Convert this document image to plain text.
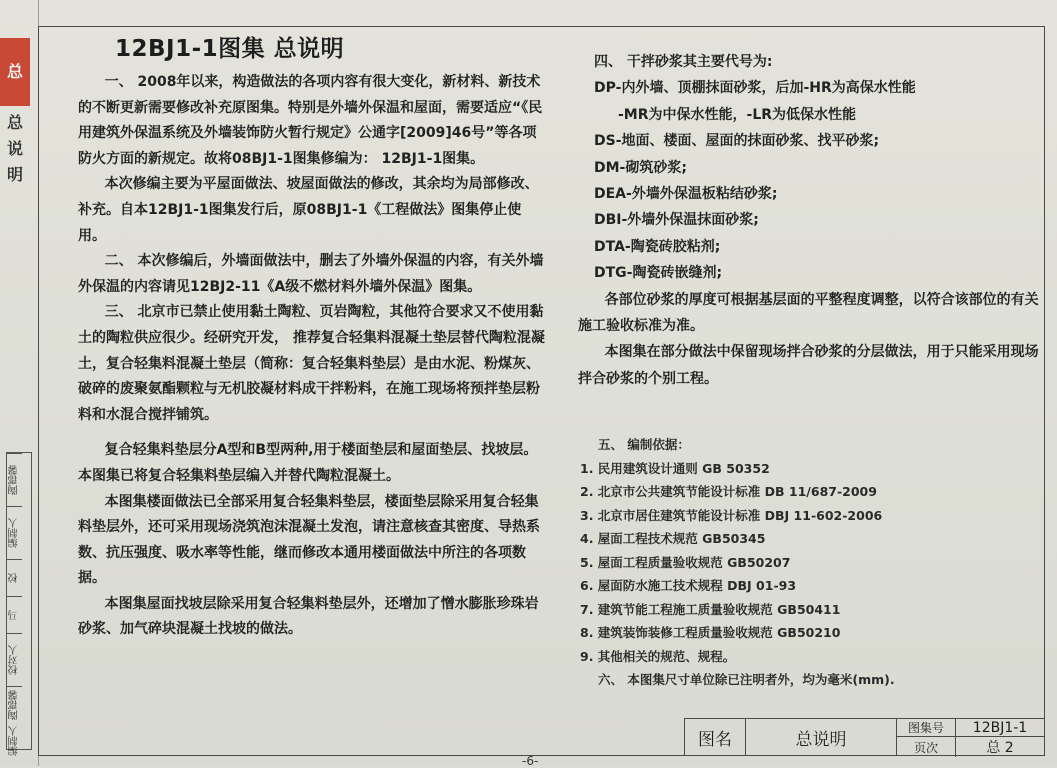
总
总
说
明
陶郡馨
编制人
校
马
校对人
陶郡馨
编制人
12BJ1-1图集 总说明

一、 2008年以来，构造做法的各项内容有很大变化，新材料、新技术的不断更新需要修改补充原图集。特别是外墙外保温和屋面，需要适应“《民用建筑外保温系统及外墙装饰防火暂行规定》公通字[2009]46号”等各项防火方面的新规定。故将08BJ1-1图集修编为： 12BJ1-1图集。

本次修编主要为平屋面做法、坡屋面做法的修改，其余均为局部修改、补充。自本12BJ1-1图集发行后，原08BJ1-1《工程做法》图集停止使用。

二、 本次修编后，外墙面做法中，删去了外墙外保温的内容，有关外墙外保温的内容请见12BJ2-11《A级不燃材料外墙外保温》图集。

三、 北京市已禁止使用黏土陶粒、页岩陶粒，其他符合要求又不使用黏土的陶粒供应很少。经研究开发， 推荐复合轻集料混凝土垫层替代陶粒混凝土，复合轻集料混凝土垫层（简称：复合轻集料垫层）是由水泥、粉煤灰、破碎的废聚氨酯颗粒与无机胶凝材料成干拌粉料，在施工现场将预拌垫层粉料和水混合搅拌铺筑。

复合轻集料垫层分A型和B型两种,用于楼面垫层和屋面垫层、找坡层。本图集已将复合轻集料垫层编入并替代陶粒混凝土。

本图集楼面做法已全部采用复合轻集料垫层，楼面垫层除采用复合轻集料垫层外，还可采用现场浇筑泡沫混凝土发泡，请注意核查其密度、导热系数、抗压强度、吸水率等性能，继而修改本通用楼面做法中所注的各项数据。

本图集屋面找坡层除采用复合轻集料垫层外，还增加了憎水膨胀珍珠岩砂浆、加气碎块混凝土找坡的做法。

四、 干拌砂浆其主要代号为:

DP-内外墙、顶棚抹面砂浆，后加-HR为高保水性能

-MR为中保水性能，-LR为低保水性能

DS-地面、楼面、屋面的抹面砂浆、找平砂浆;

DM-砌筑砂浆;

DEA-外墙外保温板粘结砂浆;

DBI-外墙外保温抹面砂浆;

DTA-陶瓷砖胶粘剂;

DTG-陶瓷砖嵌缝剂;

各部位砂浆的厚度可根据基层面的平整程度调整，以符合该部位的有关施工验收标准为准。

本图集在部分做法中保留现场拌合砂浆的分层做法，用于只能采用现场拌合砂浆的个别工程。

五、 编制依据：

1. 民用建筑设计通则 GB 50352

2. 北京市公共建筑节能设计标准 DB 11/687-2009

3. 北京市居住建筑节能设计标准 DBJ 11-602-2006

4. 屋面工程技术规范 GB50345

5. 屋面工程质量验收规范 GB50207

6. 屋面防水施工技术规程 DBJ 01-93

7. 建筑节能工程施工质量验收规范 GB50411

8. 建筑装饰装修工程质量验收规范 GB50210

9. 其他相关的规范、规程。

六、 本图集尺寸单位除已注明者外，均为毫米(mm).

图名	总说明
图集号	12BJ1-1
页次	总 2
-6-
